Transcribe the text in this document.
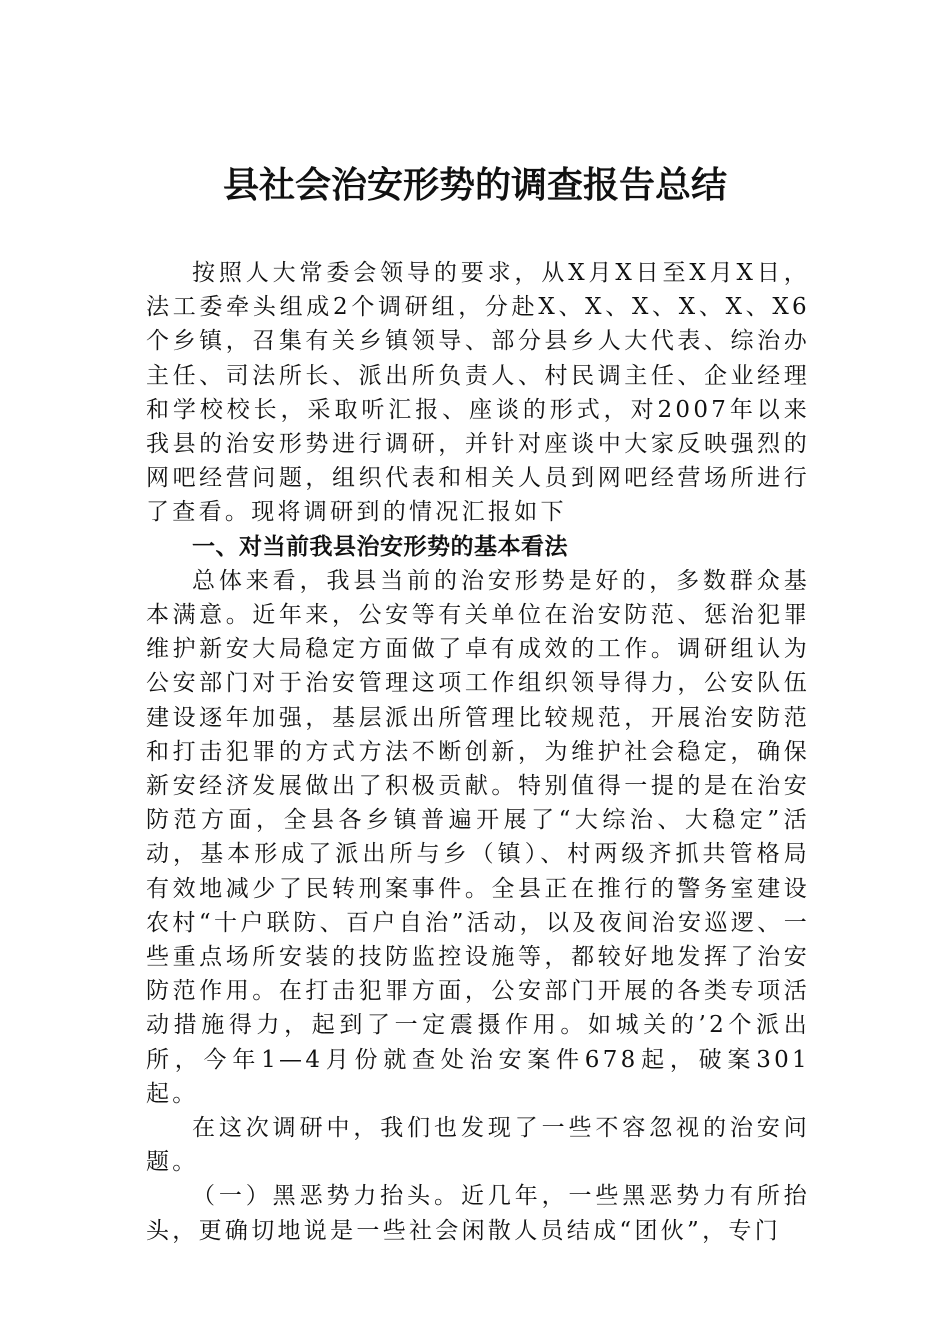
县社会治安形势的调查报告总结

按照人大常委会领导的要求，从X月X日至X月X日，法工委牵头组成2个调研组，分赴X、X、X、X、X、X6个乡镇，召集有关乡镇领导、部分县乡人大代表、综治办主任、司法所长、派出所负责人、村民调主任、企业经理和学校校长，采取听汇报、座谈的形式，对2007年以来我县的治安形势进行调研，并针对座谈中大家反映强烈的网吧经营问题，组织代表和相关人员到网吧经营场所进行了查看。现将调研到的情况汇报如下

一、对当前我县治安形势的基本看法

总体来看，我县当前的治安形势是好的，多数群众基本满意。近年来，公安等有关单位在治安防范、惩治犯罪维护新安大局稳定方面做了卓有成效的工作。调研组认为公安部门对于治安管理这项工作组织领导得力，公安队伍建设逐年加强，基层派出所管理比较规范，开展治安防范和打击犯罪的方式方法不断创新，为维护社会稳定，确保新安经济发展做出了积极贡献。特别值得一提的是在治安防范方面，全县各乡镇普遍开展了“大综治、大稳定”活动，基本形成了派出所与乡（镇）、村两级齐抓共管格局有效地减少了民转刑案事件。全县正在推行的警务室建设农村“十户联防、百户自治”活动，以及夜间治安巡逻、一些重点场所安装的技防监控设施等，都较好地发挥了治安防范作用。在打击犯罪方面，公安部门开展的各类专项活动措施得力，起到了一定震摄作用。如城关的’2个派出所，今年1—4月份就查处治安案件678起，破案301起。

在这次调研中，我们也发现了一些不容忽视的治安问题。

（一）黑恶势力抬头。近几年，一些黑恶势力有所抬头，更确切地说是一些社会闲散人员结成“团伙”，专门
